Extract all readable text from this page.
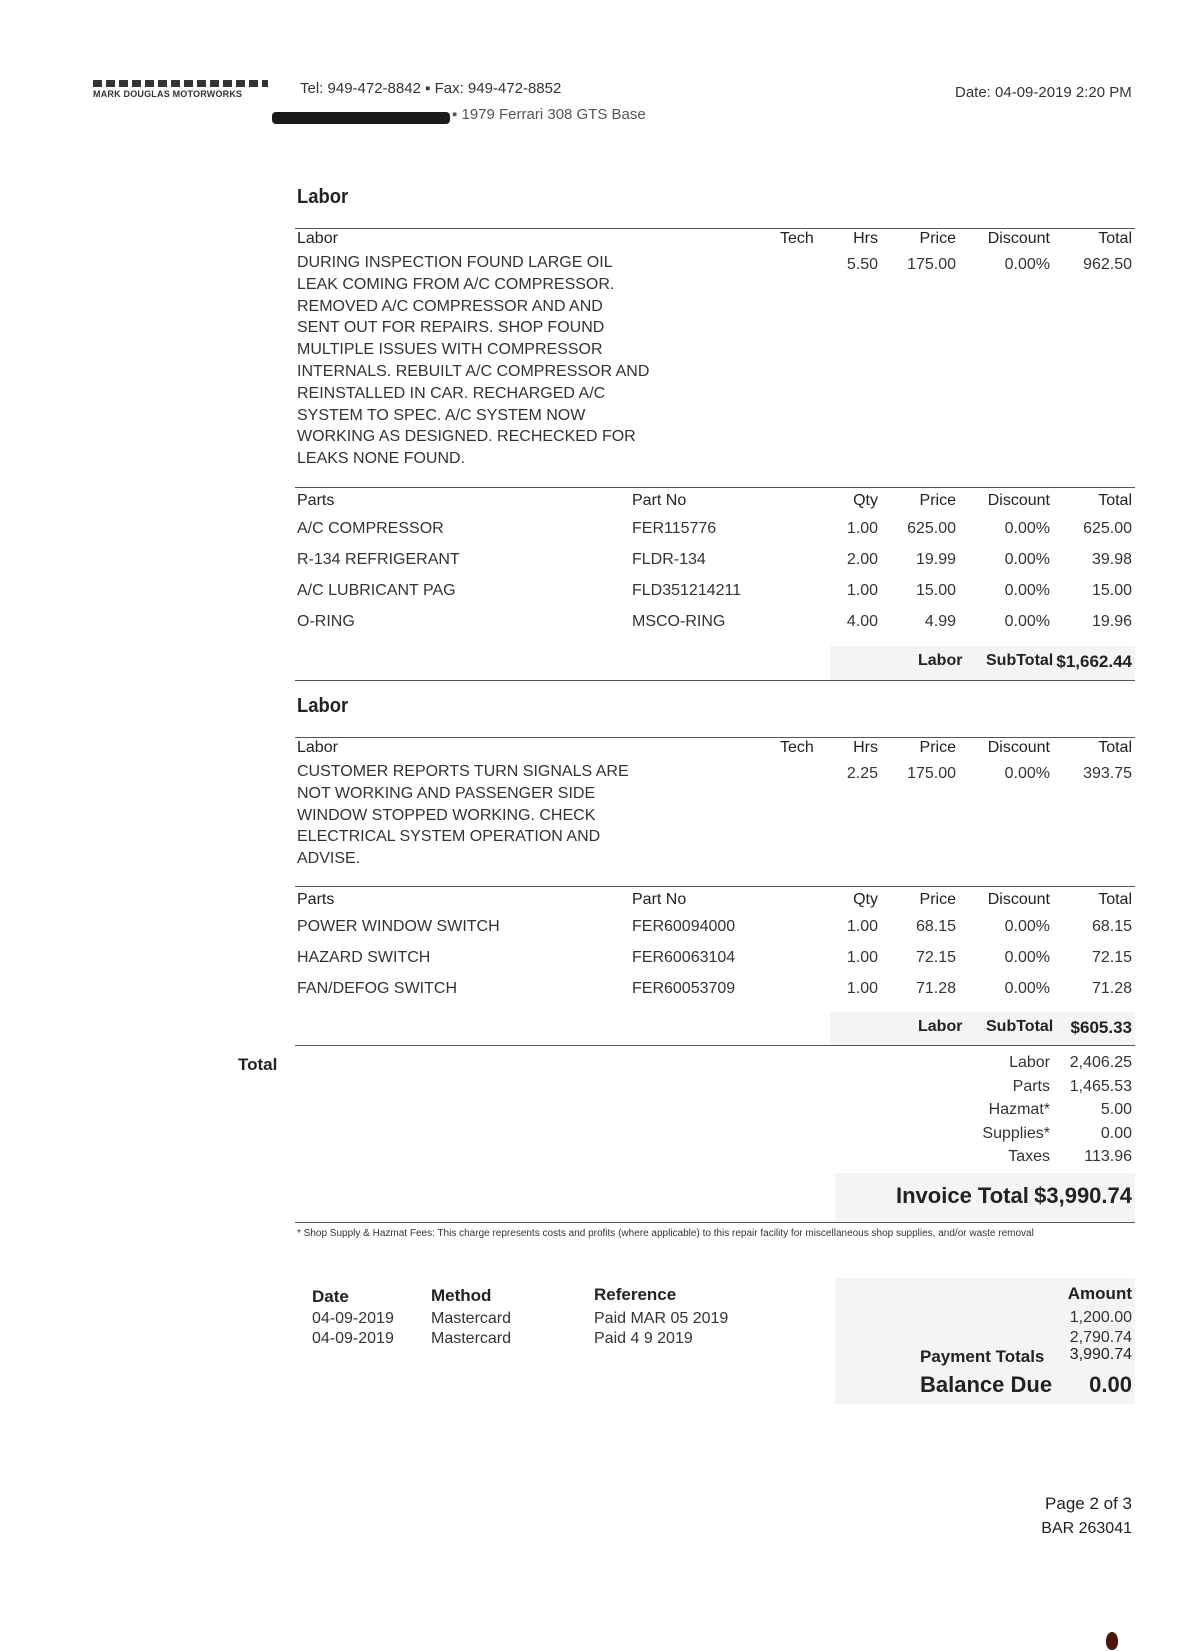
MARK DOUGLAS MOTORWORKS	Tel: 949-472-8842 ▪ Fax: 949-472-8852
▪ 1979 Ferrari 308 GTS Base
Date: 04-09-2019 2:20 PM
Labor
Labor	Tech	Hrs	Price	Discount	Total
DURING INSPECTION FOUND LARGE OIL
LEAK COMING FROM A/C COMPRESSOR.
REMOVED A/C COMPRESSOR AND AND
SENT OUT FOR REPAIRS. SHOP FOUND
MULTIPLE ISSUES WITH COMPRESSOR
INTERNALS. REBUILT A/C COMPRESSOR AND
REINSTALLED IN CAR. RECHARGED A/C
SYSTEM TO SPEC. A/C SYSTEM NOW
WORKING AS DESIGNED. RECHECKED FOR
LEAKS NONE FOUND.
5.50	175.00	0.00%	962.50
Parts	Part No	Qty	Price	Discount	Total
A/C COMPRESSOR	FER115776	1.00	625.00	0.00%	625.00
R-134 REFRIGERANT	FLDR-134	2.00	19.99	0.00%	39.98
A/C LUBRICANT PAG	FLD351214211	1.00	15.00	0.00%	15.00
O-RING	MSCO-RING	4.00	4.99	0.00%	19.96
Labor SubTotal $1,662.44
Labor
Labor	Tech	Hrs	Price	Discount	Total
CUSTOMER REPORTS TURN SIGNALS ARE
NOT WORKING AND PASSENGER SIDE
WINDOW STOPPED WORKING. CHECK
ELECTRICAL SYSTEM OPERATION AND
ADVISE.
2.25	175.00	0.00%	393.75
Parts	Part No	Qty	Price	Discount	Total
POWER WINDOW SWITCH	FER60094000	1.00	68.15	0.00%	68.15
HAZARD SWITCH	FER60063104	1.00	72.15	0.00%	72.15
FAN/DEFOG SWITCH	FER60053709	1.00	71.28	0.00%	71.28
Labor SubTotal	$605.33
Total	Labor	2,406.25
Parts	1,465.53
Hazmat*	5.00
Supplies*	0.00
Taxes	113.96
Invoice Total $3,990.74
* Shop Supply & Hazmat Fees: This charge represents costs and profits (where applicable) to this repair facility for miscellaneous shop supplies, and/or waste removal
Date	Method	Reference	Amount
04-09-2019 Mastercard	Paid MAR 05 2019	1,200.00
04-09-2019 Mastercard	Paid 4 9 2019	2,790.74
3,990.74
Payment Totals
Balance Due	0.00
Page 2 of 3
BAR 263041
